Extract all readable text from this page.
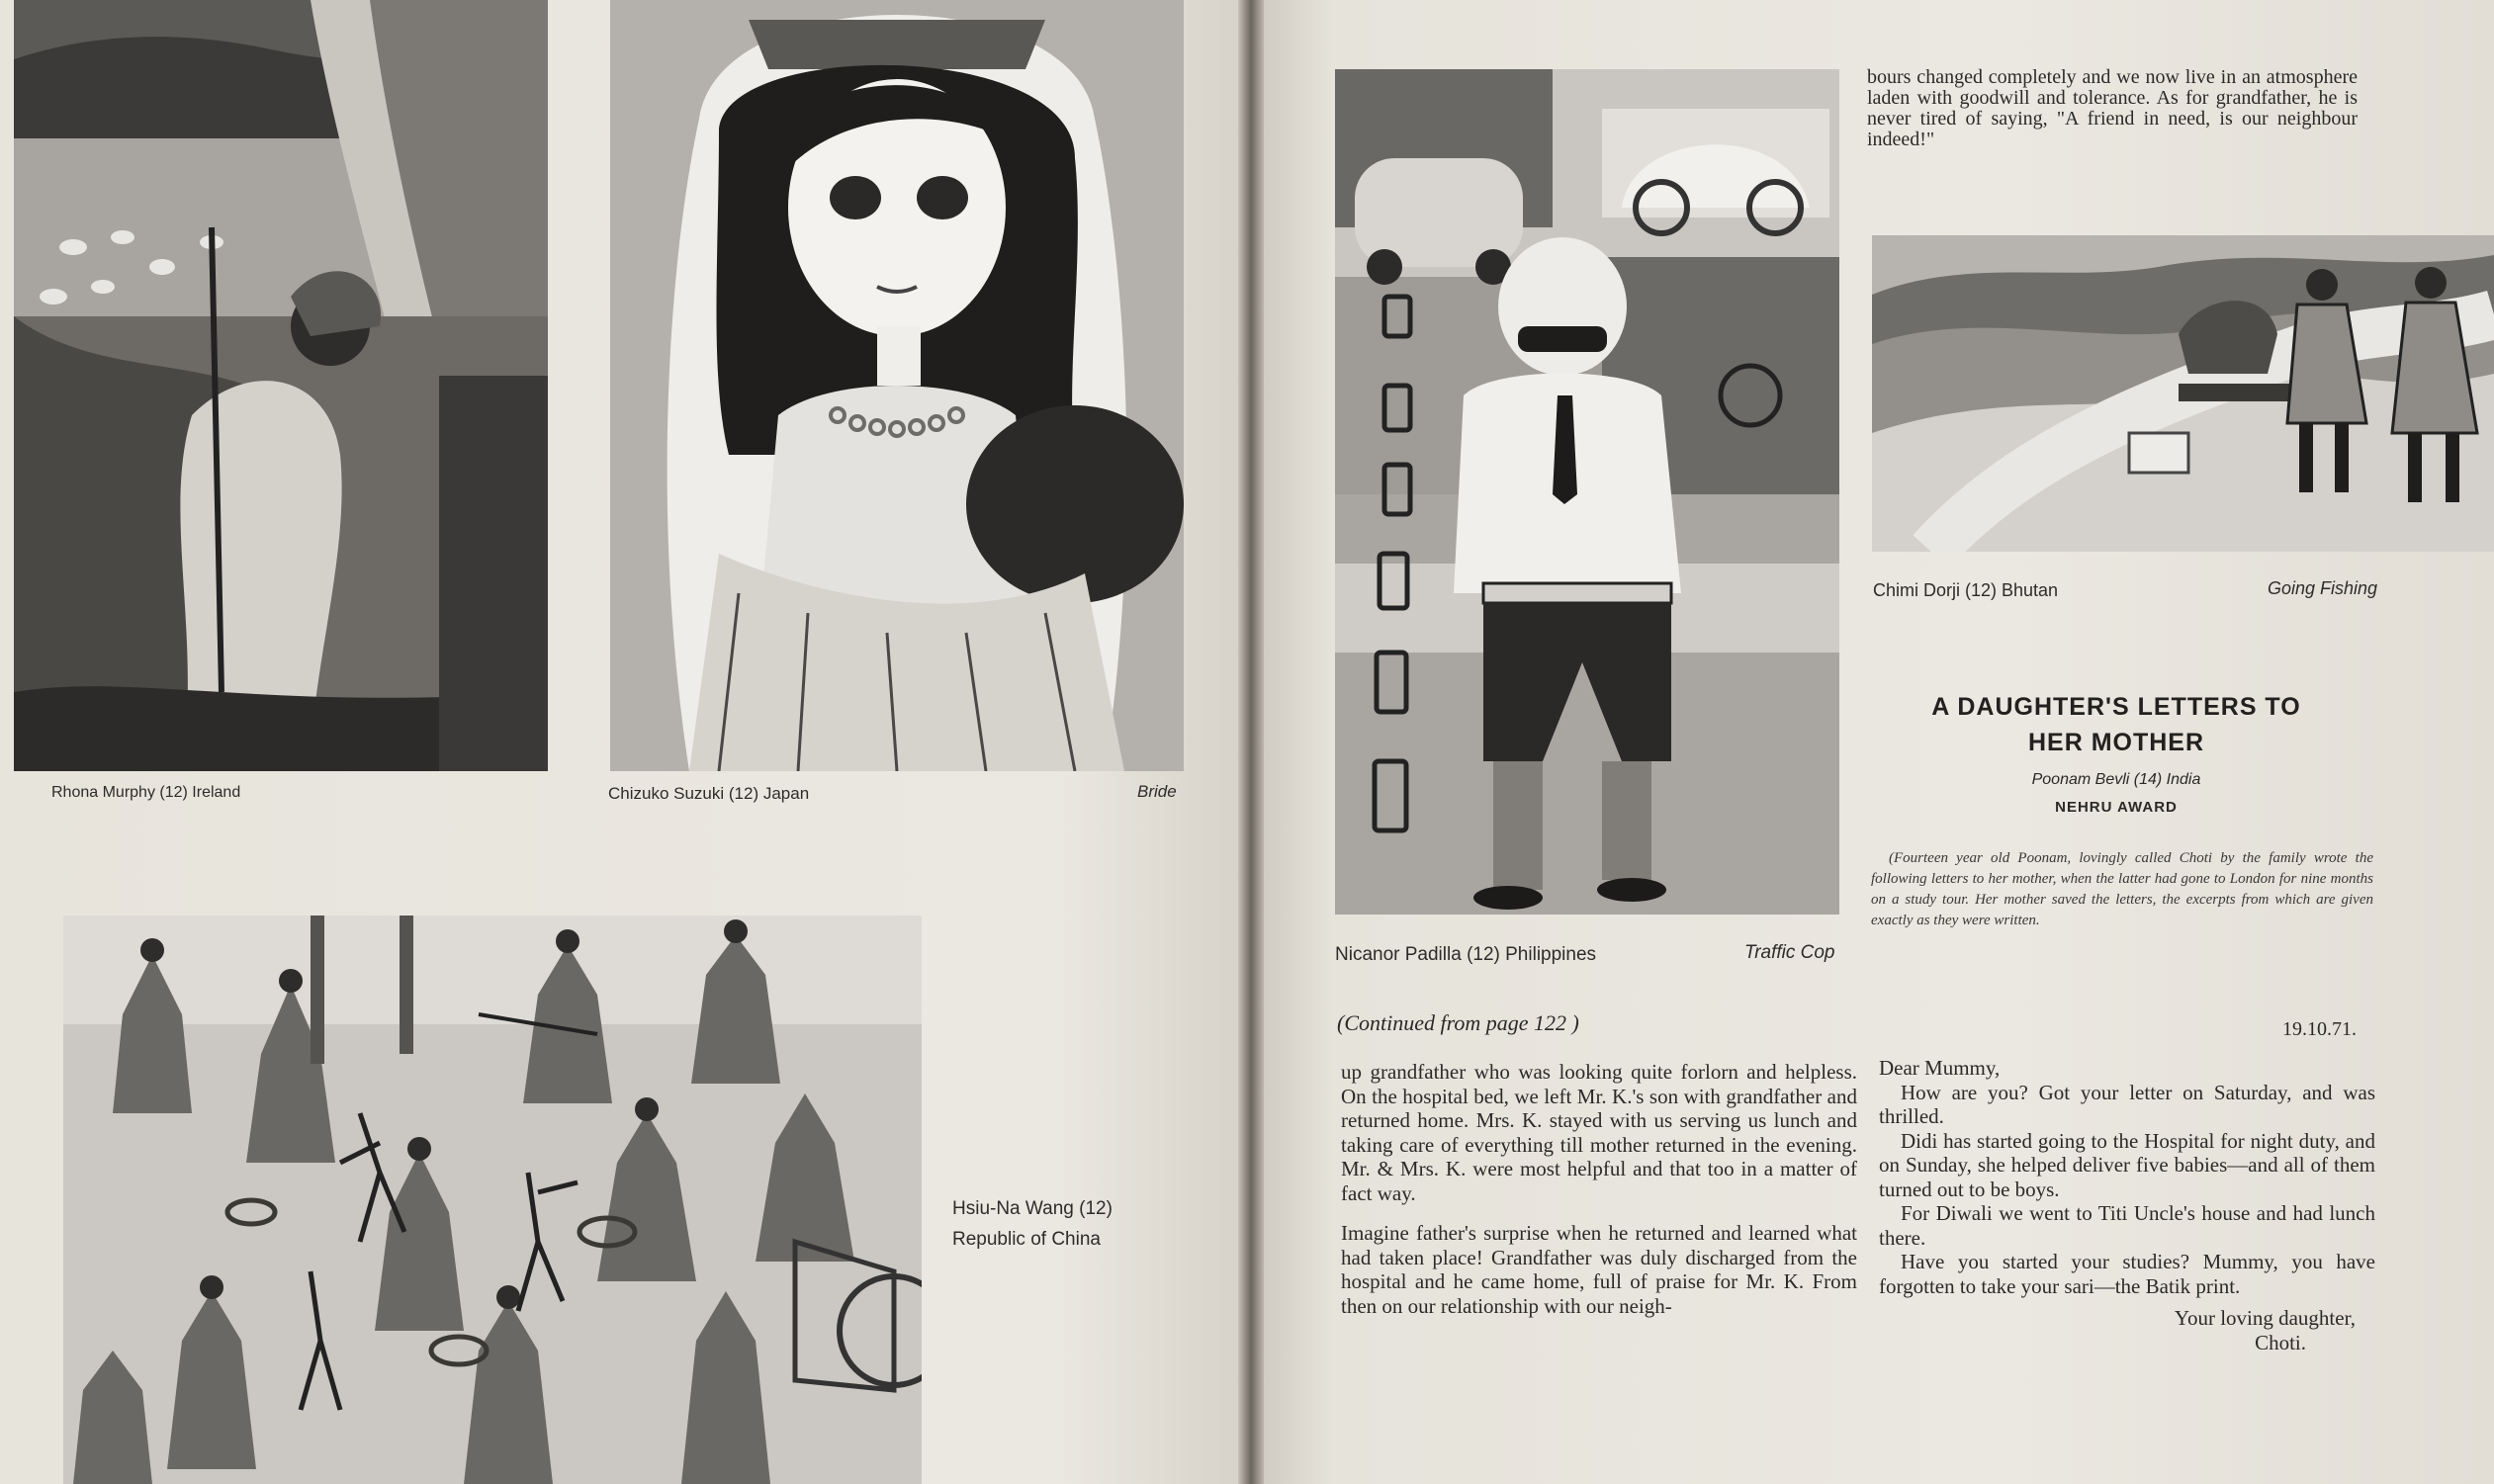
Rhona Murphy (12) Ireland	Chizuko Suzuki (12) Japan	Bride
Hsiu-Na Wang (12)
Republic of China
Nicanor Padilla (12) Philippines	Traffic Cop
bours changed completely and we now live in an atmosphere laden with goodwill and tolerance. As for grandfather, he is never tired of saying, "A friend in need, is our neighbour indeed!"
Chimi Dorji (12) Bhutan	Going Fishing
A DAUGHTER'S LETTERS TO
HER MOTHER
Poonam Bevli (14) India
NEHRU AWARD
(Fourteen year old Poonam, lovingly called Choti by the family wrote the following letters to her mother, when the latter had gone to London for nine months on a study tour. Her mother saved the letters, the excerpts from which are given exactly as they were written.
(Continued from page 122 )	19.10.71.
up grandfather who was looking quite forlorn and helpless. On the hospital bed, we left Mr. K.'s son with grandfather and returned home. Mrs. K. stayed with us serving us lunch and taking care of everything till mother returned in the evening. Mr. & Mrs. K. were most helpful and that too in a matter of fact way.
Imagine father's surprise when he returned and learned what had taken place! Grandfather was duly discharged from the hospital and he came home, full of praise for Mr. K. From then on our relationship with our neigh-
Dear Mummy,
How are you? Got your letter on Saturday, and was thrilled.
Didi has started going to the Hospital for night duty, and on Sunday, she helped deliver five babies—and all of them turned out to be boys.
For Diwali we went to Titi Uncle's house and had lunch there.
Have you started your studies? Mummy, you have forgotten to take your sari—the Batik print.
Your loving daughter,
Choti.
